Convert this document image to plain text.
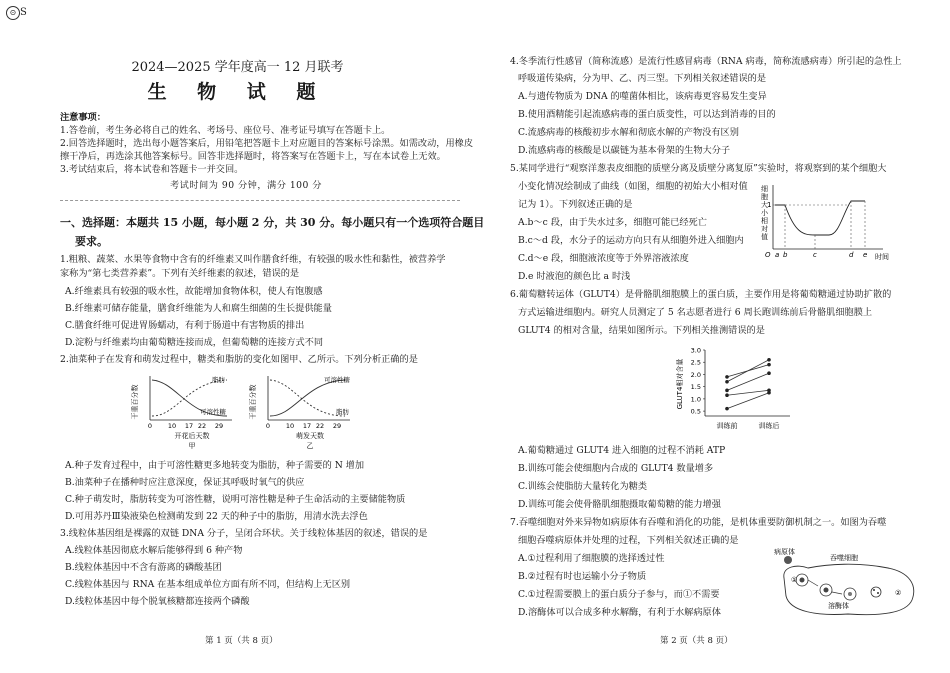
⊙ S
2024—2025 学年度高一 12 月联考
生 物 试 题
注意事项：
1.答卷前，考生务必将自己的姓名、考场号、座位号、准考证号填写在答题卡上。
2.回答选择题时，选出每小题答案后，用铅笔把答题卡上对应题目的答案标号涂黑。如需改动，用橡皮
擦干净后，再选涂其他答案标号。回答非选择题时，将答案写在答题卡上，写在本试卷上无效。
3.考试结束后，将本试卷和答题卡一并交回。
考试时间为 90 分钟，满分 100 分
一、选择题：本题共 15 小题，每小题 2 分，共 30 分。每小题只有一个选项符合题目
要求。
1.粗粮、蔬菜、水果等食物中含有的纤维素又叫作膳食纤维，有较强的吸水性和黏性，被营养学
家称为“第七类营养素”。下列有关纤维素的叙述，错误的是
A.纤维素具有较强的吸水性，故能增加食物体积，使人有饱腹感
B.纤维素可储存能量，膳食纤维能为人和腐生细菌的生长提供能量
C.膳食纤维可促进胃肠蠕动，有利于肠道中有害物质的排出
D.淀粉与纤维素均由葡萄糖连接而成，但葡萄糖的连接方式不同
2.油菜种子在发育和萌发过程中，糖类和脂肪的变化如图甲、乙所示。下列分析正确的是
干重百分数
脂肪
可溶性糖
0 10 17 22 29
开花后天数
甲
干重百分数
可溶性糖
脂肪
0 10 17 22 29
萌发天数
乙
A.种子发育过程中，由于可溶性糖更多地转变为脂肪，种子需要的 N 增加
B.油菜种子在播种时应注意深度，保证其呼吸时氧气的供应
C.种子萌发时，脂肪转变为可溶性糖，说明可溶性糖是种子生命活动的主要储能物质
D.可用苏丹Ⅲ染液染色检测萌发到 22 天的种子中的脂肪，用清水洗去浮色
3.线粒体基因组是裸露的双链 DNA 分子，呈闭合环状。关于线粒体基因的叙述，错误的是
A.线粒体基因彻底水解后能够得到 6 种产物
B.线粒体基因中不含有游离的磷酸基团
C.线粒体基因与 RNA 在基本组成单位方面有所不同，但结构上无区别
D.线粒体基因中每个脱氧核糖都连接两个磷酸
第 1 页（共 8 页）
4.冬季流行性感冒（简称流感）是流行性感冒病毒（RNA 病毒，简称流感病毒）所引起的急性上
呼吸道传染病，分为甲、乙、丙三型。下列相关叙述错误的是
A.与遗传物质为 DNA 的噬菌体相比，该病毒更容易发生变异
B.使用酒精能引起流感病毒的蛋白质变性，可以达到消毒的目的
C.流感病毒的核酸初步水解和彻底水解的产物没有区别
D.流感病毒的核酸是以碳链为基本骨架的生物大分子
5.某同学进行“观察洋葱表皮细胞的质壁分离及质壁分离复原”实验时，将观察到的某个细胞大
小变化情况绘制成了曲线（如图，细胞的初始大小相对值
记为 1）。下列叙述正确的是
A.b～c 段，由于失水过多，细胞可能已经死亡
B.c～d 段，水分子的运动方向只有从细胞外进入细胞内
C.d～e 段，细胞液浓度等于外界溶液浓度
D.e 时液泡的颜色比 a 时浅
细 胞 大 小 相 对 值
1
O a b	c	d e 时间
6.葡萄糖转运体（GLUT4）是骨骼肌细胞膜上的蛋白质，主要作用是将葡萄糖通过协助扩散的
方式运输进细胞内。研究人员测定了 5 名志愿者进行 6 周长跑训练前后骨骼肌细胞膜上
GLUT4 的相对含量，结果如图所示。下列相关推测错误的是
GLUT4相对含量
0.5
1.0
1.5
2.0
2.5
3.0
训练前	训练后
A.葡萄糖通过 GLUT4 进入细胞的过程不消耗 ATP
B.训练可能会使细胞内合成的 GLUT4 数量增多
C.训练会使脂肪大量转化为糖类
D.训练可能会使骨骼肌细胞摄取葡萄糖的能力增强
7.吞噬细胞对外来异物如病原体有吞噬和消化的功能，是机体重要防御机制之一。如图为吞噬
细胞吞噬病原体并处理的过程，下列相关叙述正确的是
A.①过程利用了细胞膜的选择透过性
B.②过程有时也运输小分子物质
C.①过程需要膜上的蛋白质分子参与，而①不需要
D.溶酶体可以合成多种水解酶，有利于水解病原体
病原体
吞噬细胞
①
②
溶酶体
第 2 页（共 8 页）
